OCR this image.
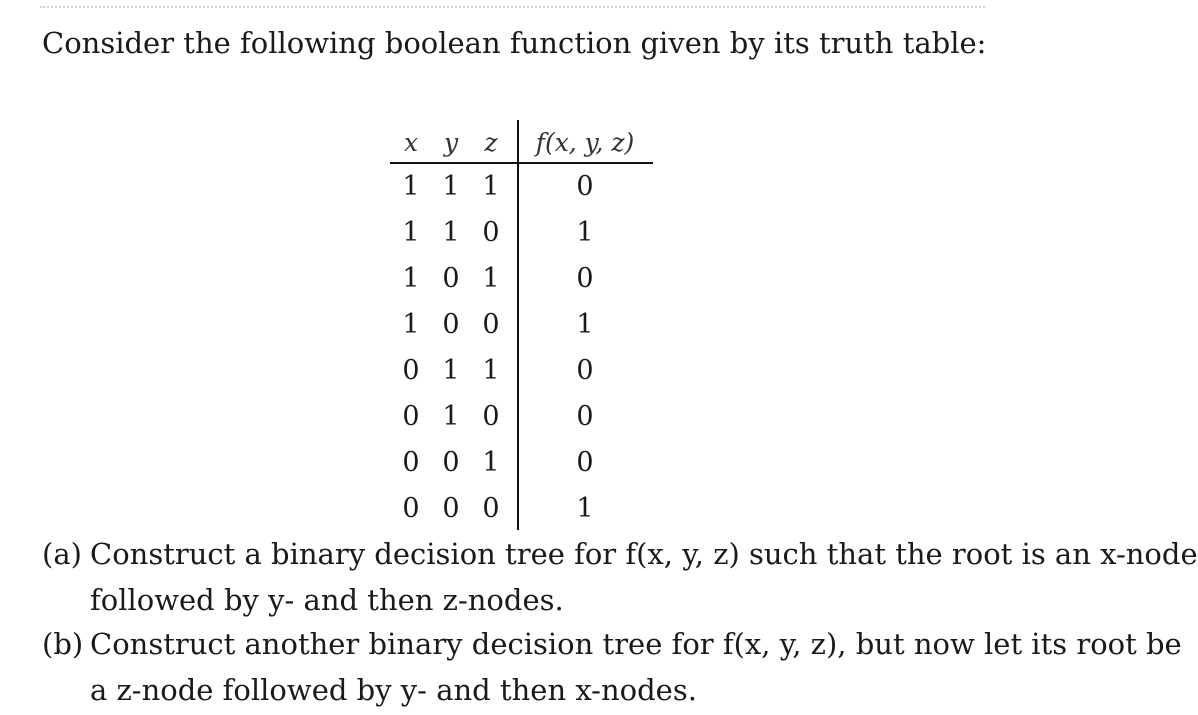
Consider the following boolean function given by its truth table:
x	y	z	f(x, y, z)
1 1 1	0
1 1 0	1
1 0 1	0
1 0 0	1
0 1 1	0
0 1 0	0
0 0 1	0
0 0 0	1
(a) Construct a binary decision tree for f(x, y, z) such that the root is an x-node
followed by y- and then z-nodes.
(b) Construct another binary decision tree for f(x, y, z), but now let its root be
a z-node followed by y- and then x-nodes.
